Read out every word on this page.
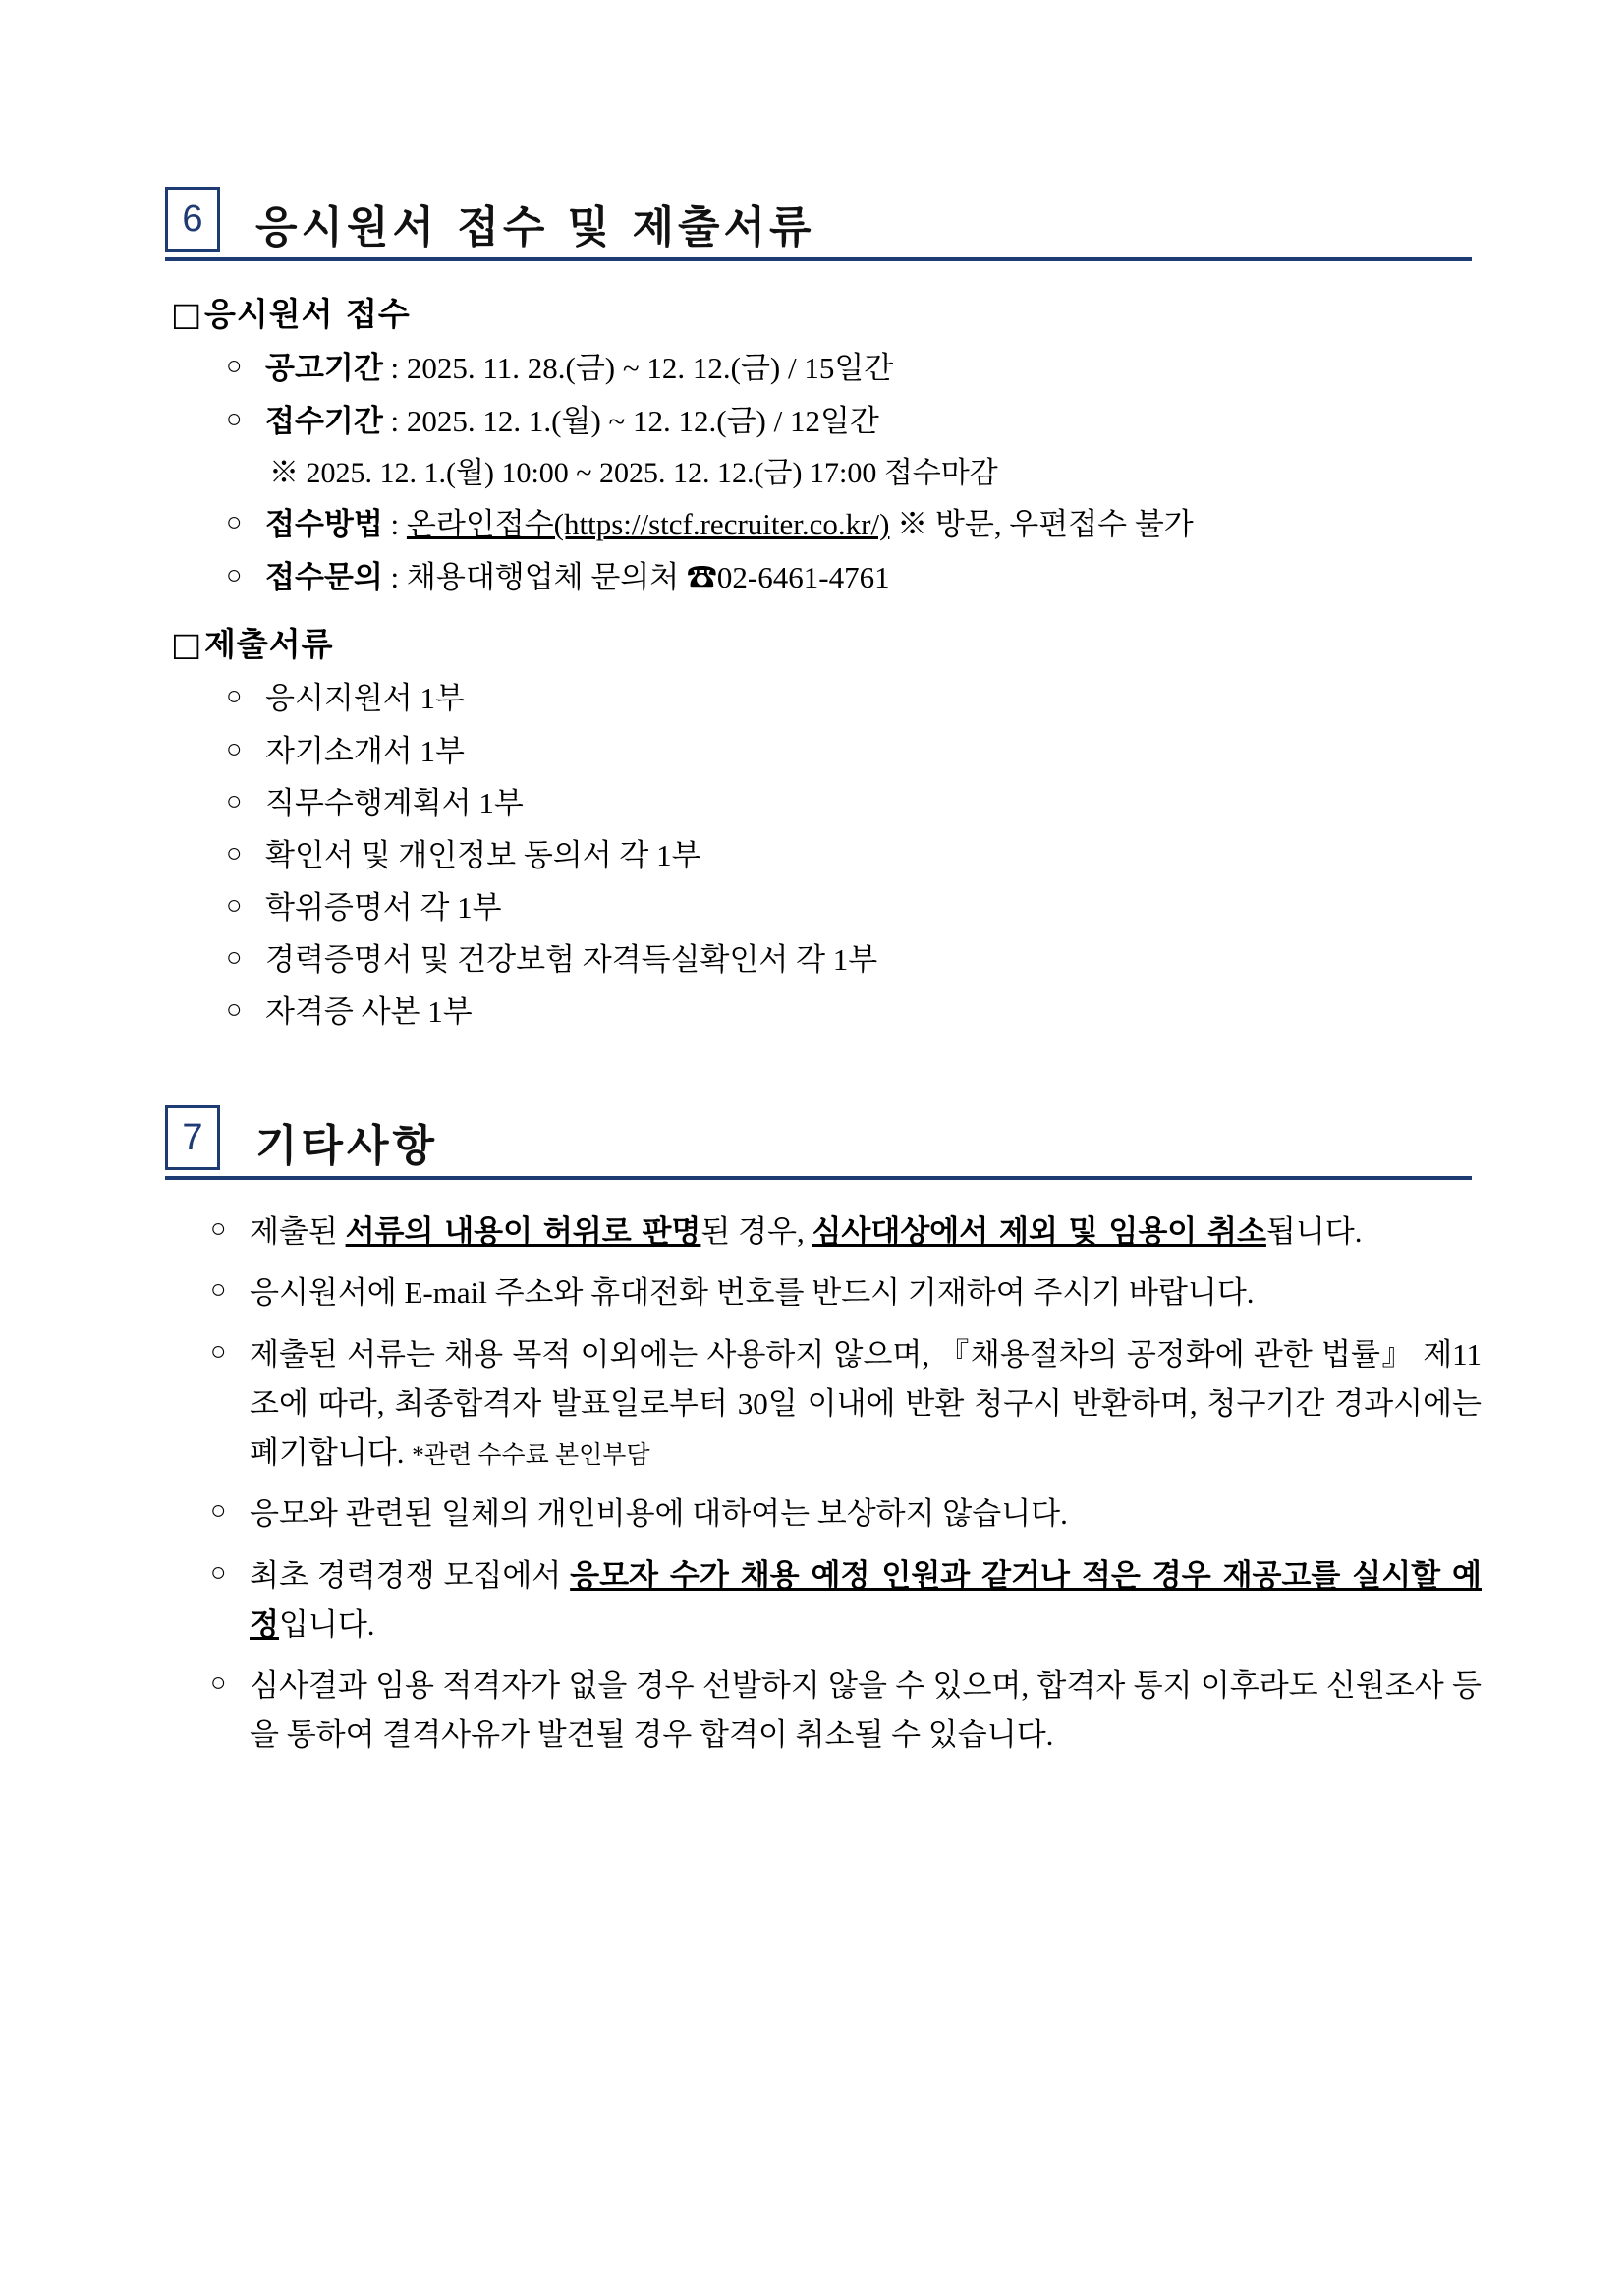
6	응시원서 접수 및 제출서류
□응시원서 접수
○ 공고기간 : 2025. 11. 28.(금) ~ 12. 12.(금) / 15일간
○ 접수기간 : 2025. 12. 1.(월) ~ 12. 12.(금) / 12일간
※ 2025. 12. 1.(월) 10:00 ~ 2025. 12. 12.(금) 17:00 접수마감
○ 접수방법 : 온라인접수(https://stcf.recruiter.co.kr/) ※ 방문, 우편접수 불가
○ 접수문의 : 채용대행업체 문의처 ☎02-6461-4761
□제출서류
○ 응시지원서 1부
○ 자기소개서 1부
○ 직무수행계획서 1부
○ 확인서 및 개인정보 동의서 각 1부
○ 학위증명서 각 1부
○ 경력증명서 및 건강보험 자격득실확인서 각 1부
○ 자격증 사본 1부
7	기타사항
○ 제출된 서류의 내용이 허위로 판명된 경우, 심사대상에서 제외 및 임용이 취소됩니다.
○ 응시원서에 E-mail 주소와 휴대전화 번호를 반드시 기재하여 주시기 바랍니다.
○ 제출된 서류는 채용 목적 이외에는 사용하지 않으며, 『채용절차의 공정화에 관한 법률』 제11조에 따라, 최종합격자 발표일로부터 30일 이내에 반환 청구시 반환하며, 청구기간 경과시에는 폐기합니다. *관련 수수료 본인부담
○ 응모와 관련된 일체의 개인비용에 대하여는 보상하지 않습니다.
○ 최초 경력경쟁 모집에서 응모자 수가 채용 예정 인원과 같거나 적은 경우 재공고를 실시할 예정입니다.
○ 심사결과 임용 적격자가 없을 경우 선발하지 않을 수 있으며, 합격자 통지 이후라도 신원조사 등을 통하여 결격사유가 발견될 경우 합격이 취소될 수 있습니다.
